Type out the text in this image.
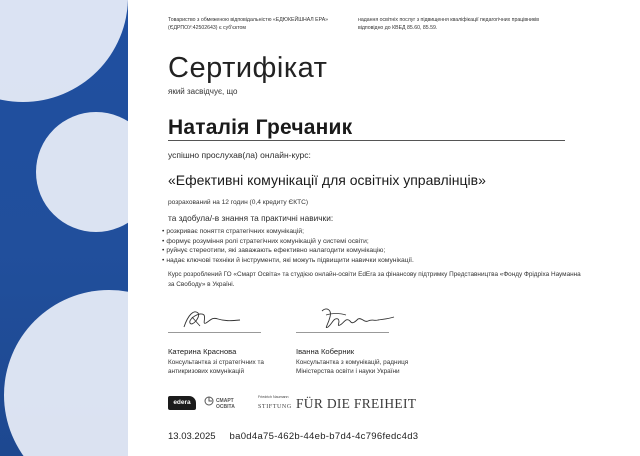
Товариство з обмеженою відповідальністю «ЕДЮКЕЙШНАЛ ЕРА» (ЄДРПОУ:42502643) є суб'єктом
надання освітніх послуг з підвищення кваліфікації педагогічних працівників відповідно до КВЕД 85.60, 85.59.
Сертифікат
який засвідчує, що
Наталія Гречаник
успішно прослухав(ла) онлайн-курс:
«Ефективні комунікації для освітніх управлінців»
розрахований на 12 годин (0,4 кредиту ЄКТС)
та здобула/-в знання та практичні навички:
• розкриває поняття стратегічних комунікацій;
• формує розуміння ролі стратегічних комунікацій у системі освіти;
• руйнує стереотипи, які заважають ефективно налагодити комунікацію;
• надає ключові техніки й інструменти, які можуть підвищити навички комунікації.
Курс розроблений ГО «Смарт Освіта» та студією онлайн-освіти EdEra за фінансову підтримку Представництва «Фонду Фрідріха Науманна за Свободу» в Україні.
Катерина Краснова
Консультантка зі стратегічних та антикризових комунікацій
Іванна Коберник
Консультантка з комунікацій, радниця Міністерства освіти і науки України
edera	СМАРТ ОСВІТА
Friedrich Naumann
STIFTUNG FÜR DIE FREIHEIT
13.03.2025 ba0d4a75-462b-44eb-b7d4-4c796fedc4d3
